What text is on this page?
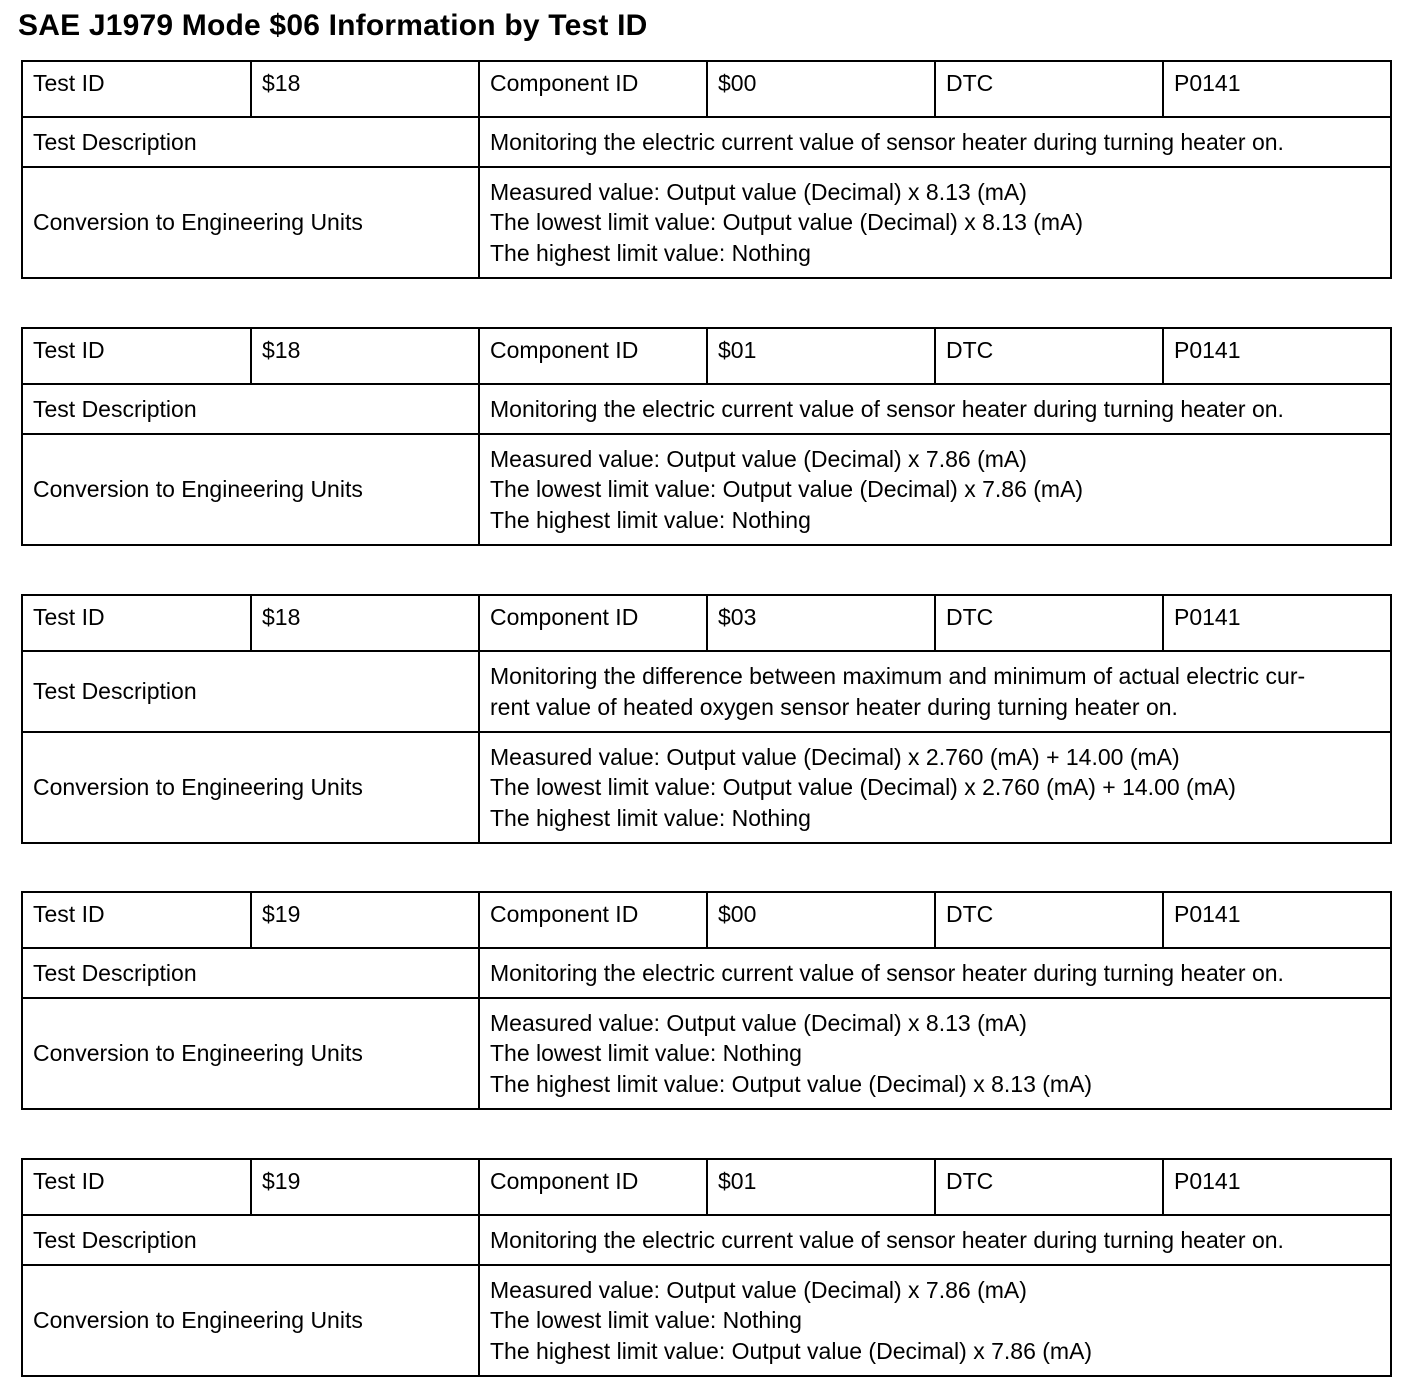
SAE J1979 Mode $06 Information by Test ID
Test ID	$18	Component ID	$00	DTC	P0141
Test Description		Monitoring the electric current value of sensor heater during turning heater on.			
Conversion to Engineering Units		Measured value: Output value (Decimal) x 8.13 (mA)
The lowest limit value: Output value (Decimal) x 8.13 (mA)
The highest limit value: Nothing			
Test ID	$18	Component ID	$01	DTC	P0141
Test Description		Monitoring the electric current value of sensor heater during turning heater on.			
Conversion to Engineering Units		Measured value: Output value (Decimal) x 7.86 (mA)
The lowest limit value: Output value (Decimal) x 7.86 (mA)
The highest limit value: Nothing			
Test ID	$18	Component ID	$03	DTC	P0141
Test Description		Monitoring the difference between maximum and minimum of actual electric cur-
rent value of heated oxygen sensor heater during turning heater on.			

Conversion to Engineering Units		Measured value: Output value (Decimal) x 2.760 (mA) + 14.00 (mA)
The lowest limit value: Output value (Decimal) x 2.760 (mA) + 14.00 (mA)
The highest limit value: Nothing			
Test ID	$19	Component ID	$00	DTC	P0141
Test Description		Monitoring the electric current value of sensor heater during turning heater on.			
Conversion to Engineering Units		Measured value: Output value (Decimal) x 8.13 (mA)
The lowest limit value: Nothing
The highest limit value: Output value (Decimal) x 8.13 (mA)			
Test ID	$19	Component ID	$01	DTC	P0141
Test Description		Monitoring the electric current value of sensor heater during turning heater on.			
Conversion to Engineering Units		Measured value: Output value (Decimal) x 7.86 (mA)
The lowest limit value: Nothing
The highest limit value: Output value (Decimal) x 7.86 (mA)			
